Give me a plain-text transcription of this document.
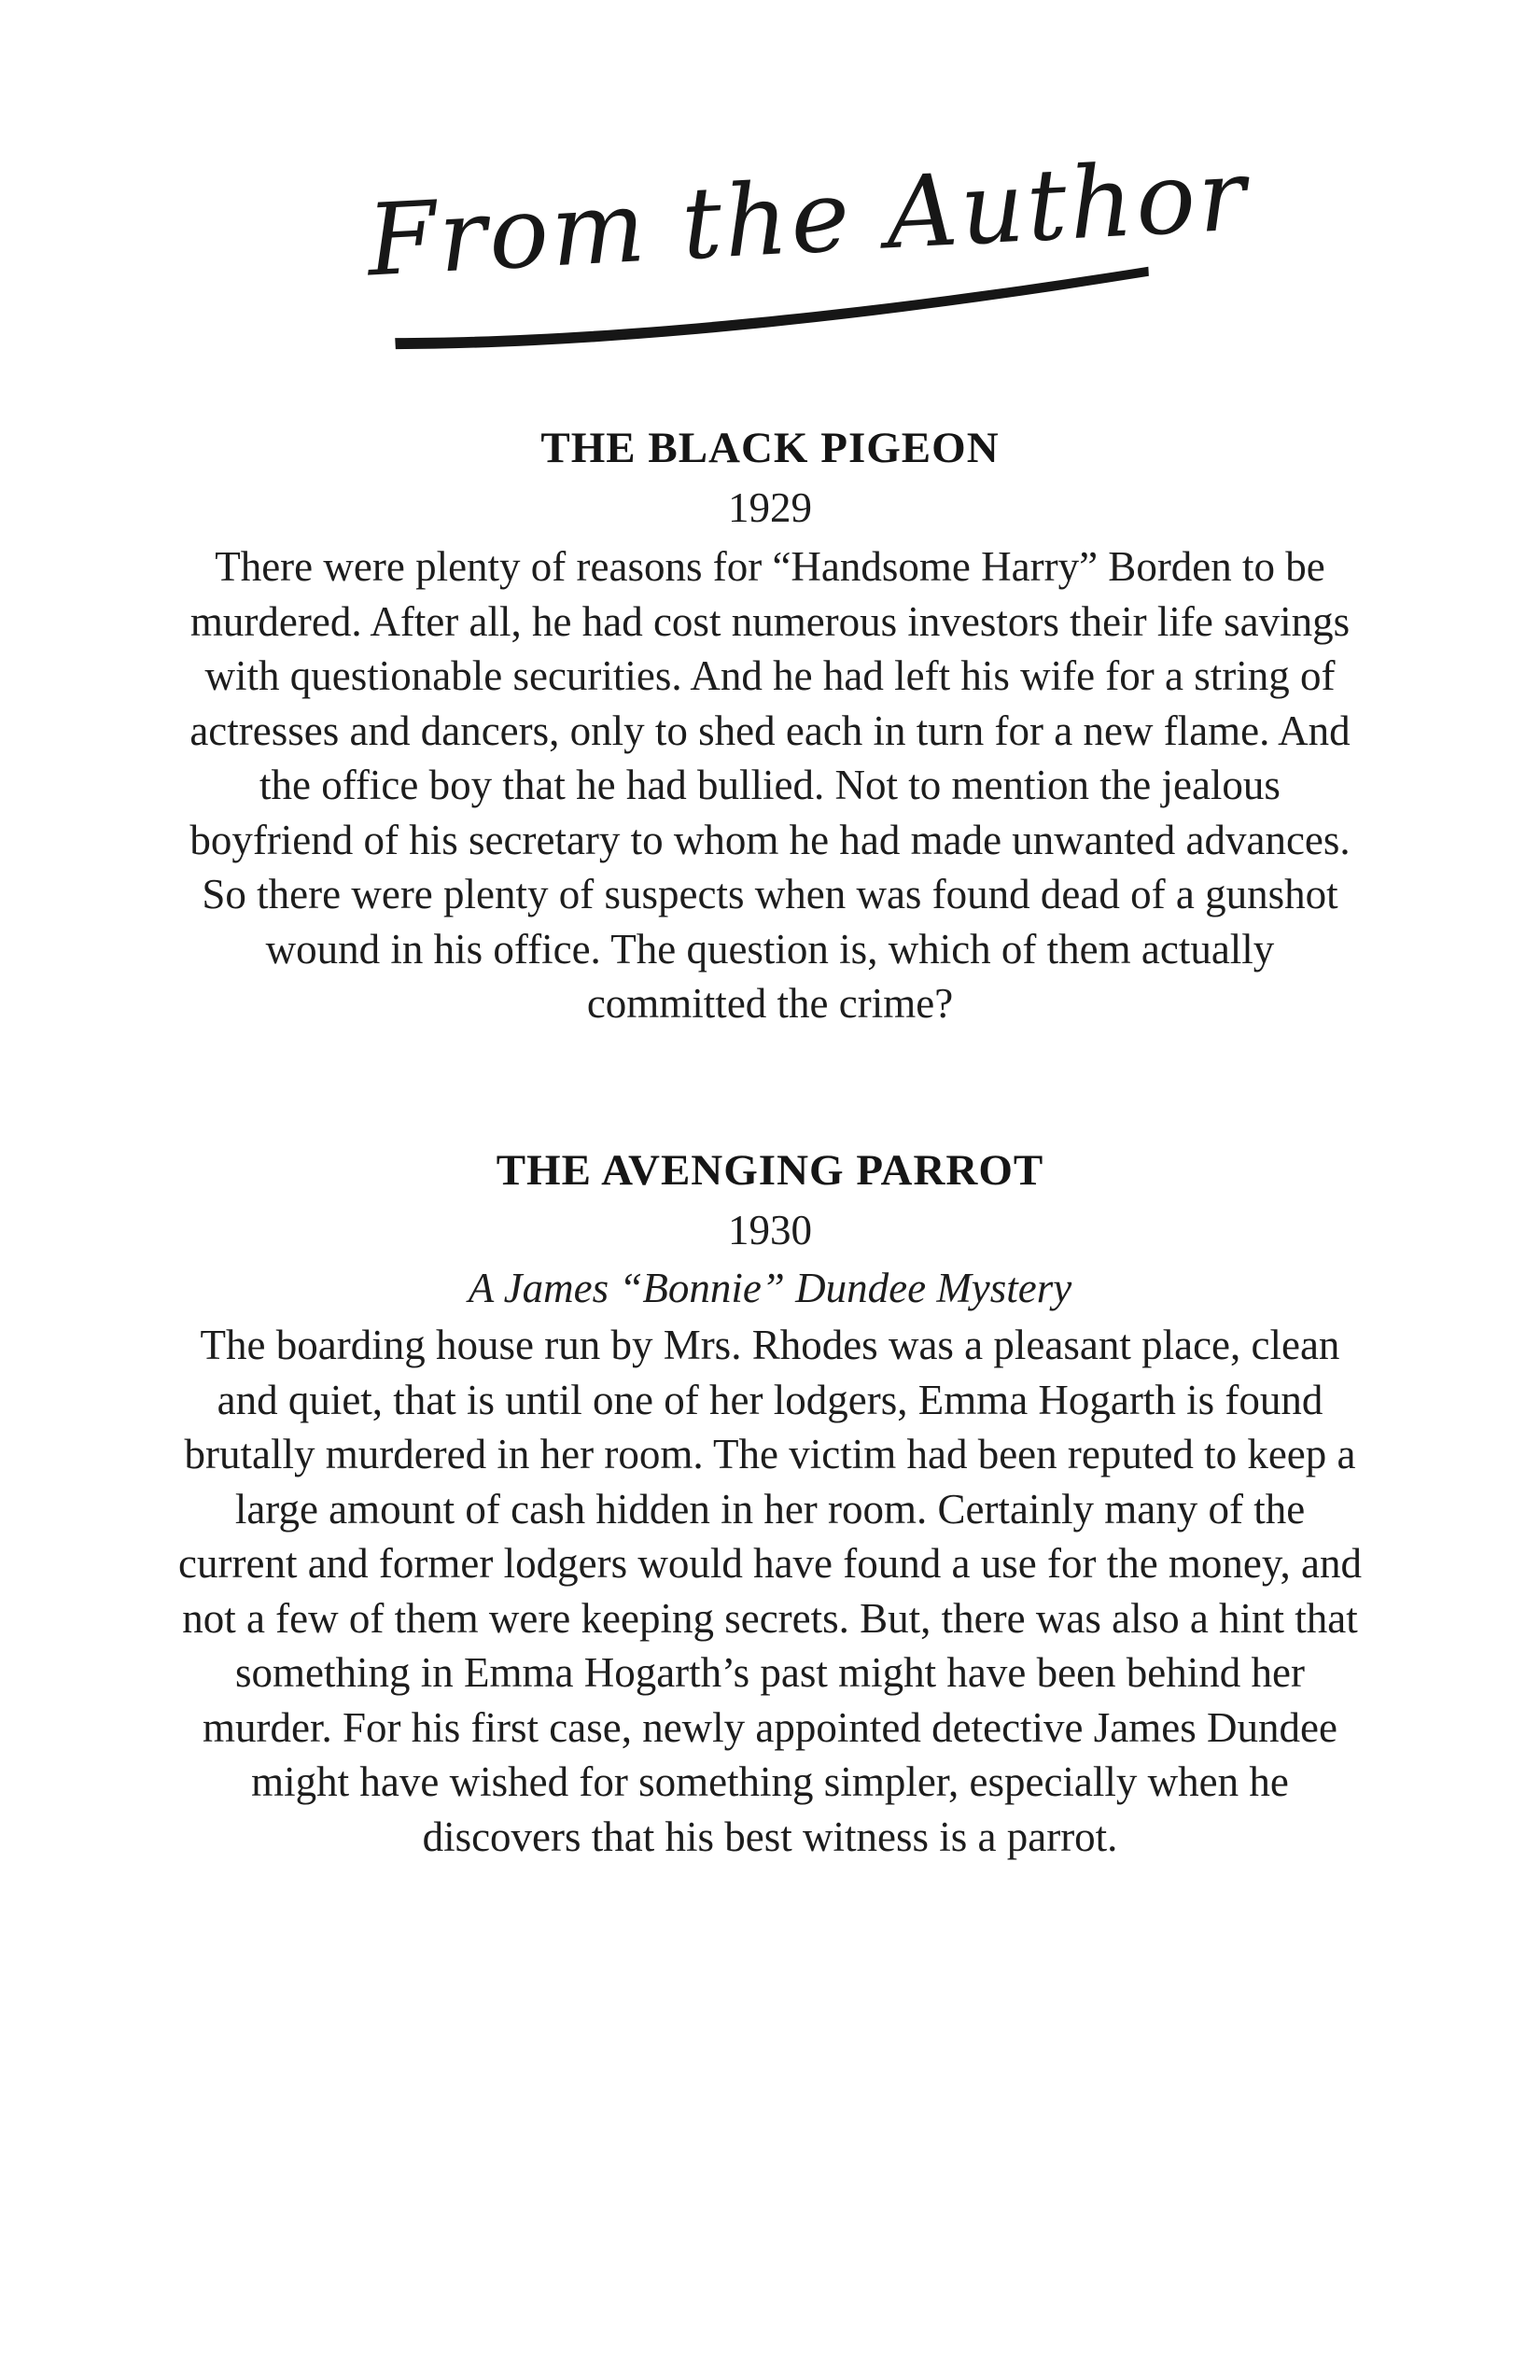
From the Author
THE BLACK PIGEON
1929

There were plenty of reasons for “Handsome Harry” Borden to be murdered. After all, he had cost numerous investors their life savings with questionable securities. And he had left his wife for a string of actresses and dancers, only to shed each in turn for a new flame. And the office boy that he had bullied. Not to mention the jealous boyfriend of his secretary to whom he had made unwanted advances. So there were plenty of suspects when was found dead of a gunshot wound in his office. The question is, which of them actually committed the crime?

THE AVENGING PARROT
1930
A James “Bonnie” Dundee Mystery

The boarding house run by Mrs. Rhodes was a pleasant place, clean and quiet, that is until one of her lodgers, Emma Hogarth is found brutally murdered in her room. The victim had been reputed to keep a large amount of cash hidden in her room. Certainly many of the current and former lodgers would have found a use for the money, and not a few of them were keeping secrets. But, there was also a hint that something in Emma Hogarth’s past might have been behind her murder. For his first case, newly appointed detective James Dundee might have wished for something simpler, especially when he discovers that his best witness is a parrot.
